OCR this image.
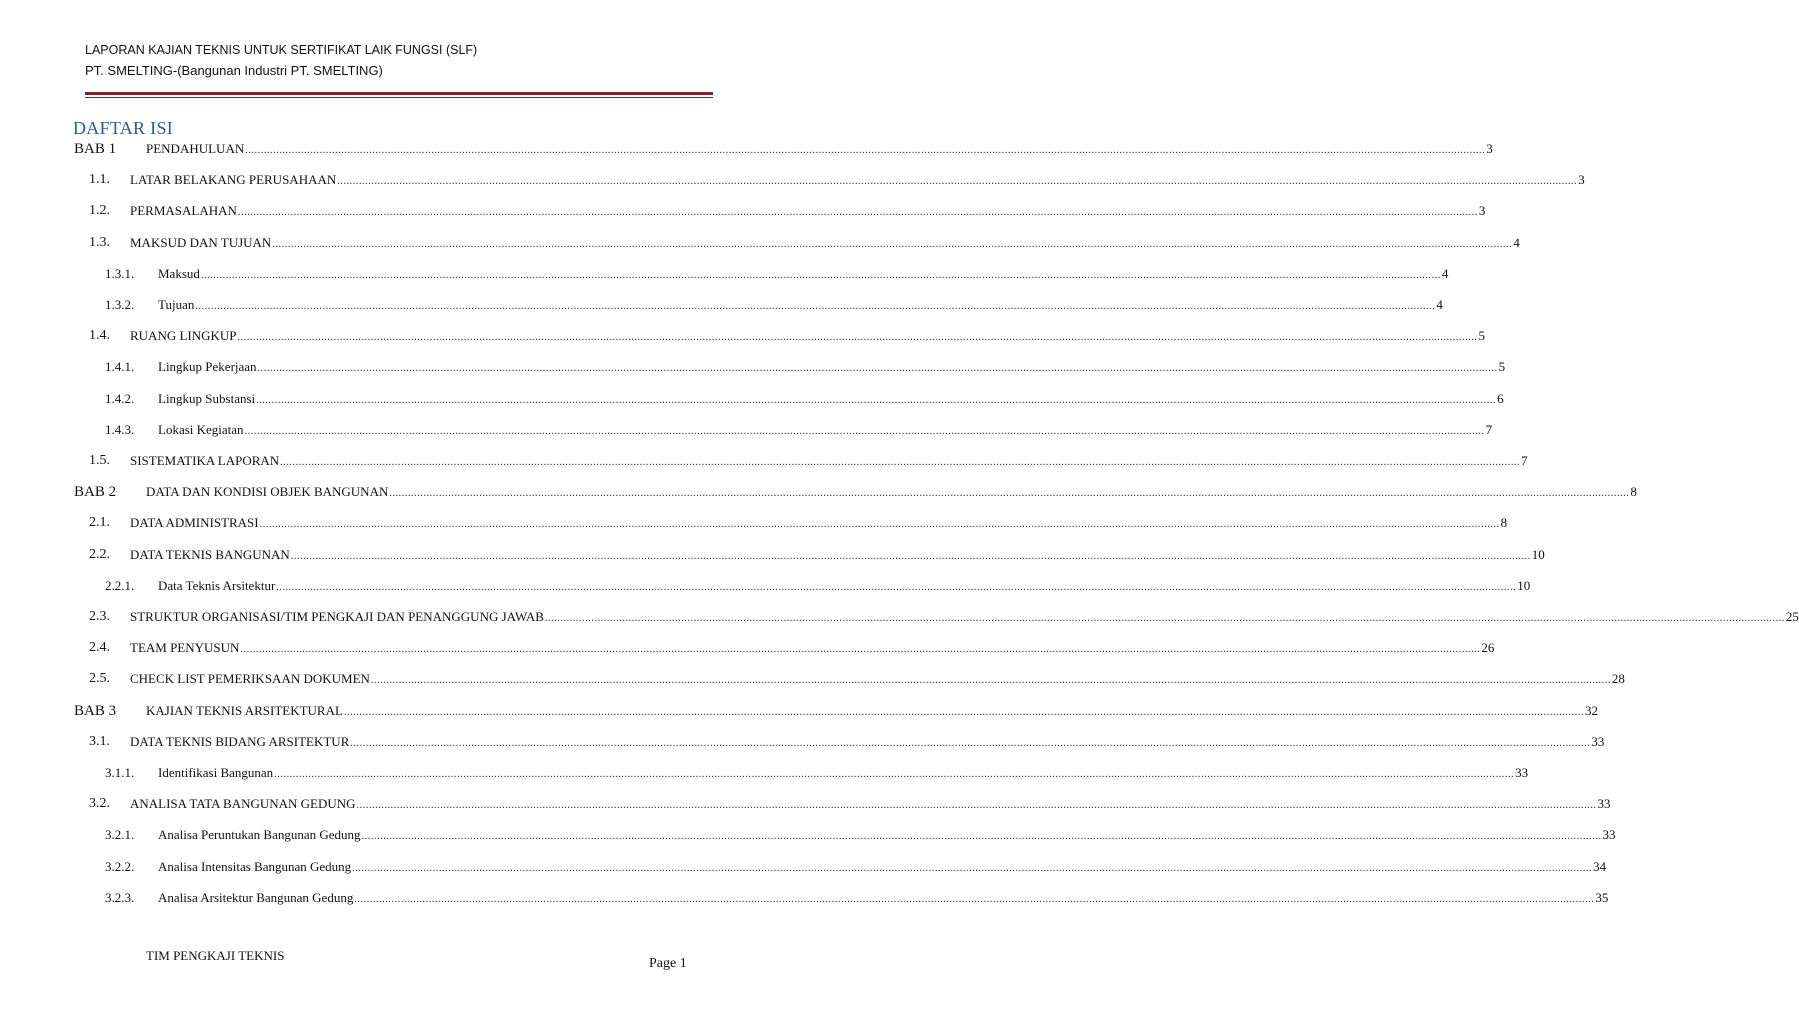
LAPORAN KAJIAN TEKNIS UNTUK SERTIFIKAT LAIK FUNGSI (SLF)
PT. SMELTING-(Bangunan Industri PT. SMELTING)
DAFTAR ISI
BAB 1 PENDAHULUAN ................................................................................................................................................................................................................................................................................................................................................................................................................ 3
1.1. LATAR BELAKANG PERUSAHAAN ................................................................................................................................................................................................................................................................................................................................................................................................................ 3
1.2. PERMASALAHAN ................................................................................................................................................................................................................................................................................................................................................................................................................ 3
1.3. MAKSUD DAN TUJUAN ................................................................................................................................................................................................................................................................................................................................................................................................................ 4
1.3.1. Maksud ................................................................................................................................................................................................................................................................................................................................................................................................................ 4
1.3.2. Tujuan ................................................................................................................................................................................................................................................................................................................................................................................................................ 4
1.4. RUANG LINGKUP ................................................................................................................................................................................................................................................................................................................................................................................................................ 5
1.4.1. Lingkup Pekerjaan ................................................................................................................................................................................................................................................................................................................................................................................................................ 5
1.4.2. Lingkup Substansi ................................................................................................................................................................................................................................................................................................................................................................................................................ 6
1.4.3. Lokasi Kegiatan ................................................................................................................................................................................................................................................................................................................................................................................................................ 7
1.5. SISTEMATIKA LAPORAN ................................................................................................................................................................................................................................................................................................................................................................................................................ 7
BAB 2 DATA DAN KONDISI OBJEK BANGUNAN ................................................................................................................................................................................................................................................................................................................................................................................................................ 8
2.1. DATA ADMINISTRASI ................................................................................................................................................................................................................................................................................................................................................................................................................ 8
2.2. DATA TEKNIS BANGUNAN ................................................................................................................................................................................................................................................................................................................................................................................................................ 10
2.2.1. Data Teknis Arsitektur ................................................................................................................................................................................................................................................................................................................................................................................................................ 10
2.3. STRUKTUR ORGANISASI/TIM PENGKAJI DAN PENANGGUNG JAWAB ................................................................................................................................................................................................................................................................................................................................................................................................................ 25
2.4. TEAM PENYUSUN ................................................................................................................................................................................................................................................................................................................................................................................................................ 26
2.5. CHECK LIST PEMERIKSAAN DOKUMEN ................................................................................................................................................................................................................................................................................................................................................................................................................ 28
BAB 3 KAJIAN TEKNIS ARSITEKTURAL ................................................................................................................................................................................................................................................................................................................................................................................................................ 32
3.1. DATA TEKNIS BIDANG ARSITEKTUR ................................................................................................................................................................................................................................................................................................................................................................................................................ 33
3.1.1. Identifikasi Bangunan ................................................................................................................................................................................................................................................................................................................................................................................................................ 33
3.2. ANALISA TATA BANGUNAN GEDUNG ................................................................................................................................................................................................................................................................................................................................................................................................................ 33
3.2.1. Analisa Peruntukan Bangunan Gedung ................................................................................................................................................................................................................................................................................................................................................................................................................ 33
3.2.2. Analisa Intensitas Bangunan Gedung ................................................................................................................................................................................................................................................................................................................................................................................................................ 34
3.2.3. Analisa Arsitektur Bangunan Gedung ................................................................................................................................................................................................................................................................................................................................................................................................................ 35
TIM PENGKAJI TEKNIS
Page 1
